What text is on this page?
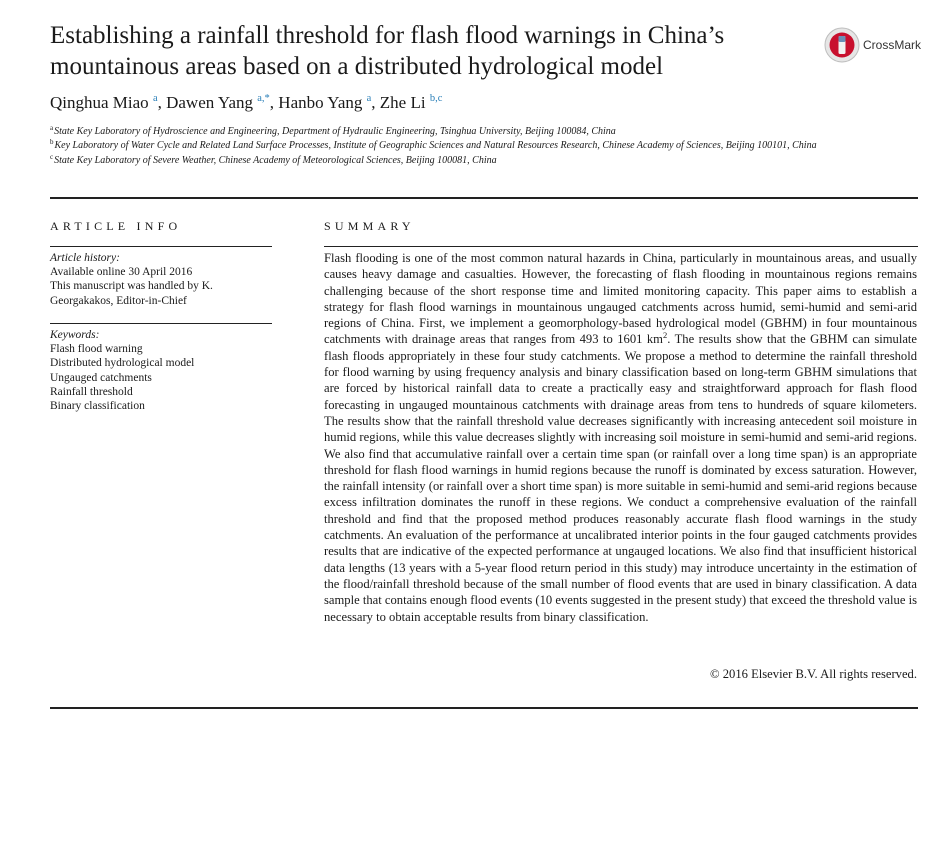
Establishing a rainfall threshold for flash flood warnings in China’s mountainous areas based on a distributed hydrological model
CrossMark
Qinghua Miao $^a$, Dawen Yang $^{a,*}$, Hanbo Yang $^a$, Zhe Li $^{b,c}$
$^a$State Key Laboratory of Hydroscience and Engineering, Department of Hydraulic Engineering, Tsinghua University, Beijing 100084, China
$^b$Key Laboratory of Water Cycle and Related Land Surface Processes, Institute of Geographic Sciences and Natural Resources Research, Chinese Academy of Sciences, Beijing 100101, China
$^c$State Key Laboratory of Severe Weather, Chinese Academy of Meteorological Sciences, Beijing 100081, China
ARTICLE INFO	SUMMARY
Article history:
Available online 30 April 2016
This manuscript was handled by K. Georgakakos, Editor-in-Chief
Keywords:
Flash flood warning
Distributed hydrological model
Ungauged catchments
Rainfall threshold
Binary classification

Flash flooding is one of the most common natural hazards in China, particularly in mountainous areas, and usually causes heavy damage and casualties. However, the forecasting of flash flooding in mountainous regions remains challenging because of the short response time and limited monitoring capacity. This paper aims to establish a strategy for flash flood warnings in mountainous ungauged catchments across humid, semi-humid and semi-arid regions of China. First, we implement a geomorphology-based hydrological model (GBHM) in four mountainous catchments with drainage areas that ranges from 493 to 1601 $km^2$. The results show that the GBHM can simulate flash floods appropriately in these four study catchments. We propose a method to determine the rainfall threshold for flood warning by using frequency analysis and binary classification based on long-term GBHM simulations that are forced by historical rainfall data to create a practically easy and straightforward approach for flash flood forecasting in ungauged mountainous catchments with drainage areas from tens to hundreds of square kilometers. The results show that the rainfall threshold value decreases significantly with increasing antecedent soil moisture in humid regions, while this value decreases slightly with increasing soil moisture in semi-humid and semi-arid regions. We also find that accumulative rainfall over a certain time span (or rainfall over a long time span) is an appropriate threshold for flash flood warnings in humid regions because the runoff is dominated by excess saturation. However, the rainfall intensity (or rainfall over a short time span) is more suitable in semi-humid and semi-arid regions because excess infiltration dominates the runoff in these regions. We conduct a comprehensive evaluation of the rainfall threshold and find that the proposed method produces reasonably accurate flash flood warnings in the study catchments. An evaluation of the performance at uncalibrated interior points in the four gauged catchments provides results that are indicative of the expected performance at ungauged locations. We also find that insufficient historical data lengths (13 years with a 5-year flood return period in this study) may introduce uncertainty in the estimation of the flood/rainfall threshold because of the small number of flood events that are used in binary classification. A data sample that contains enough flood events (10 events suggested in the present study) that exceed the threshold value is necessary to obtain acceptable results from binary classification.

© 2016 Elsevier B.V. All rights reserved.
